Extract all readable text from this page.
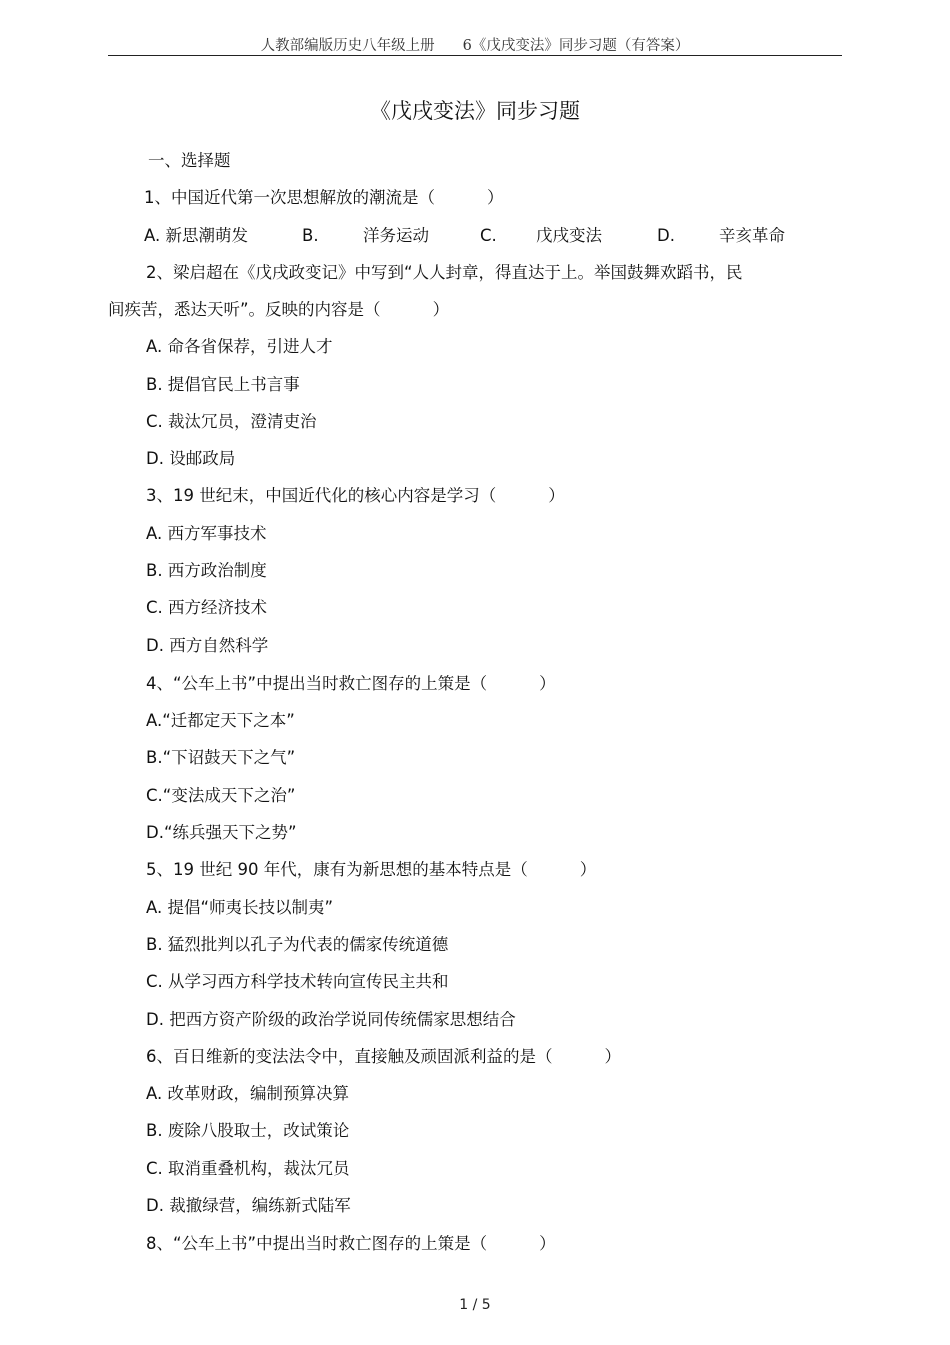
人教部编版历史八年级上册 6《戊戌变法》同步习题（有答案）
《戊戌变法》同步习题
一、选择题
1、中国近代第一次思想解放的潮流是（	）
A. 新思潮萌发	B.	洋务运动	C. 戊戌变法	D.	辛亥革命
2、梁启超在《戊戌政变记》中写到“人人封章，得直达于上。举国鼓舞欢蹈书，民
间疾苦，悉达天听”。反映的内容是（	）
A. 命各省保荐，引进人才
B. 提倡官民上书言事
C. 裁汰冗员，澄清吏治
D. 设邮政局
3、19 世纪末，中国近代化的核心内容是学习（	）
A. 西方军事技术
B. 西方政治制度
C. 西方经济技术
D. 西方自然科学
4、“公车上书”中提出当时救亡图存的上策是（	）
A.“迁都定天下之本”
B.“下诏鼓天下之气”
C.“变法成天下之治”
D.“练兵强天下之势”
5、19 世纪 90 年代，康有为新思想的基本特点是（	）
A. 提倡“师夷长技以制夷”
B. 猛烈批判以孔子为代表的儒家传统道德
C. 从学习西方科学技术转向宣传民主共和
D. 把西方资产阶级的政治学说同传统儒家思想结合
6、百日维新的变法法令中，直接触及顽固派利益的是（	）
A. 改革财政，编制预算决算
B. 废除八股取士，改试策论
C. 取消重叠机构，裁汰冗员
D. 裁撤绿营，编练新式陆军
8、“公车上书”中提出当时救亡图存的上策是（	）
1 / 5
